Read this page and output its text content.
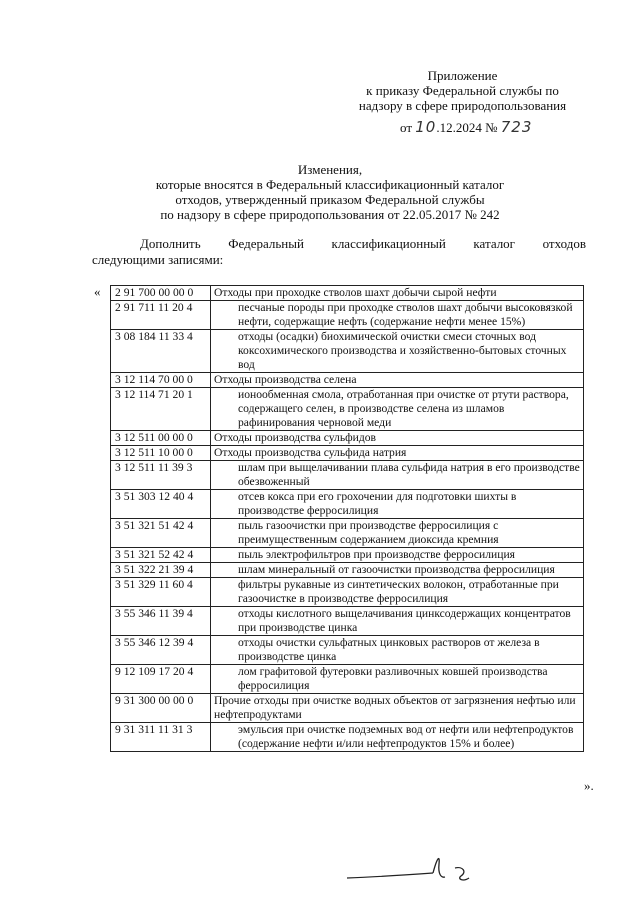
Приложение
к приказу Федеральной службы по
надзору в сфере природопользования
от 10.12.2024 № 723
Изменения,
которые вносятся в Федеральный классификационный каталог
отходов, утвержденный приказом Федеральной службы
по надзору в сфере природопользования от 22.05.2017 № 242
Дополнить Федеральный классификационный каталог отходов
следующими записями:
« 2 91 700 00 00 0	Отходы при проходке стволов шахт добычи сырой нефти
2 91 711 11 20 4	песчаные породы при проходке стволов шахт добычи высоковязкой нефти, содержащие нефть (содержание нефти менее 15%)
3 08 184 11 33 4	отходы (осадки) биохимической очистки смеси сточных вод коксохимического производства и хозяйственно-бытовых сточных вод
3 12 114 70 00 0	Отходы производства селена
3 12 114 71 20 1	ионообменная смола, отработанная при очистке от ртути раствора, содержащего селен, в производстве селена из шламов рафинирования черновой меди
3 12 511 00 00 0	Отходы производства сульфидов
3 12 511 10 00 0	Отходы производства сульфида натрия
3 12 511 11 39 3	шлам при выщелачивании плава сульфида натрия в его производстве обезвоженный
3 51 303 12 40 4	отсев кокса при его грохочении для подготовки шихты в производстве ферросилиция
3 51 321 51 42 4	пыль газоочистки при производстве ферросилиция с преимущественным содержанием диоксида кремния
3 51 321 52 42 4	пыль электрофильтров при производстве ферросилиция
3 51 322 21 39 4	шлам минеральный от газоочистки производства ферросилиция
3 51 329 11 60 4	фильтры рукавные из синтетических волокон, отработанные при газоочистке в производстве ферросилиция
3 55 346 11 39 4	отходы кислотного выщелачивания цинксодержащих концентратов при производстве цинка
3 55 346 12 39 4	отходы очистки сульфатных цинковых растворов от железа в производстве цинка
9 12 109 17 20 4	лом графитовой футеровки разливочных ковшей производства ферросилиция
9 31 300 00 00 0	Прочие отходы при очистке водных объектов от загрязнения нефтью или нефтепродуктами
9 31 311 11 31 3	эмульсия при очистке подземных вод от нефти или нефтепродуктов (содержание нефти и/или нефтепродуктов 15% и более)
».
